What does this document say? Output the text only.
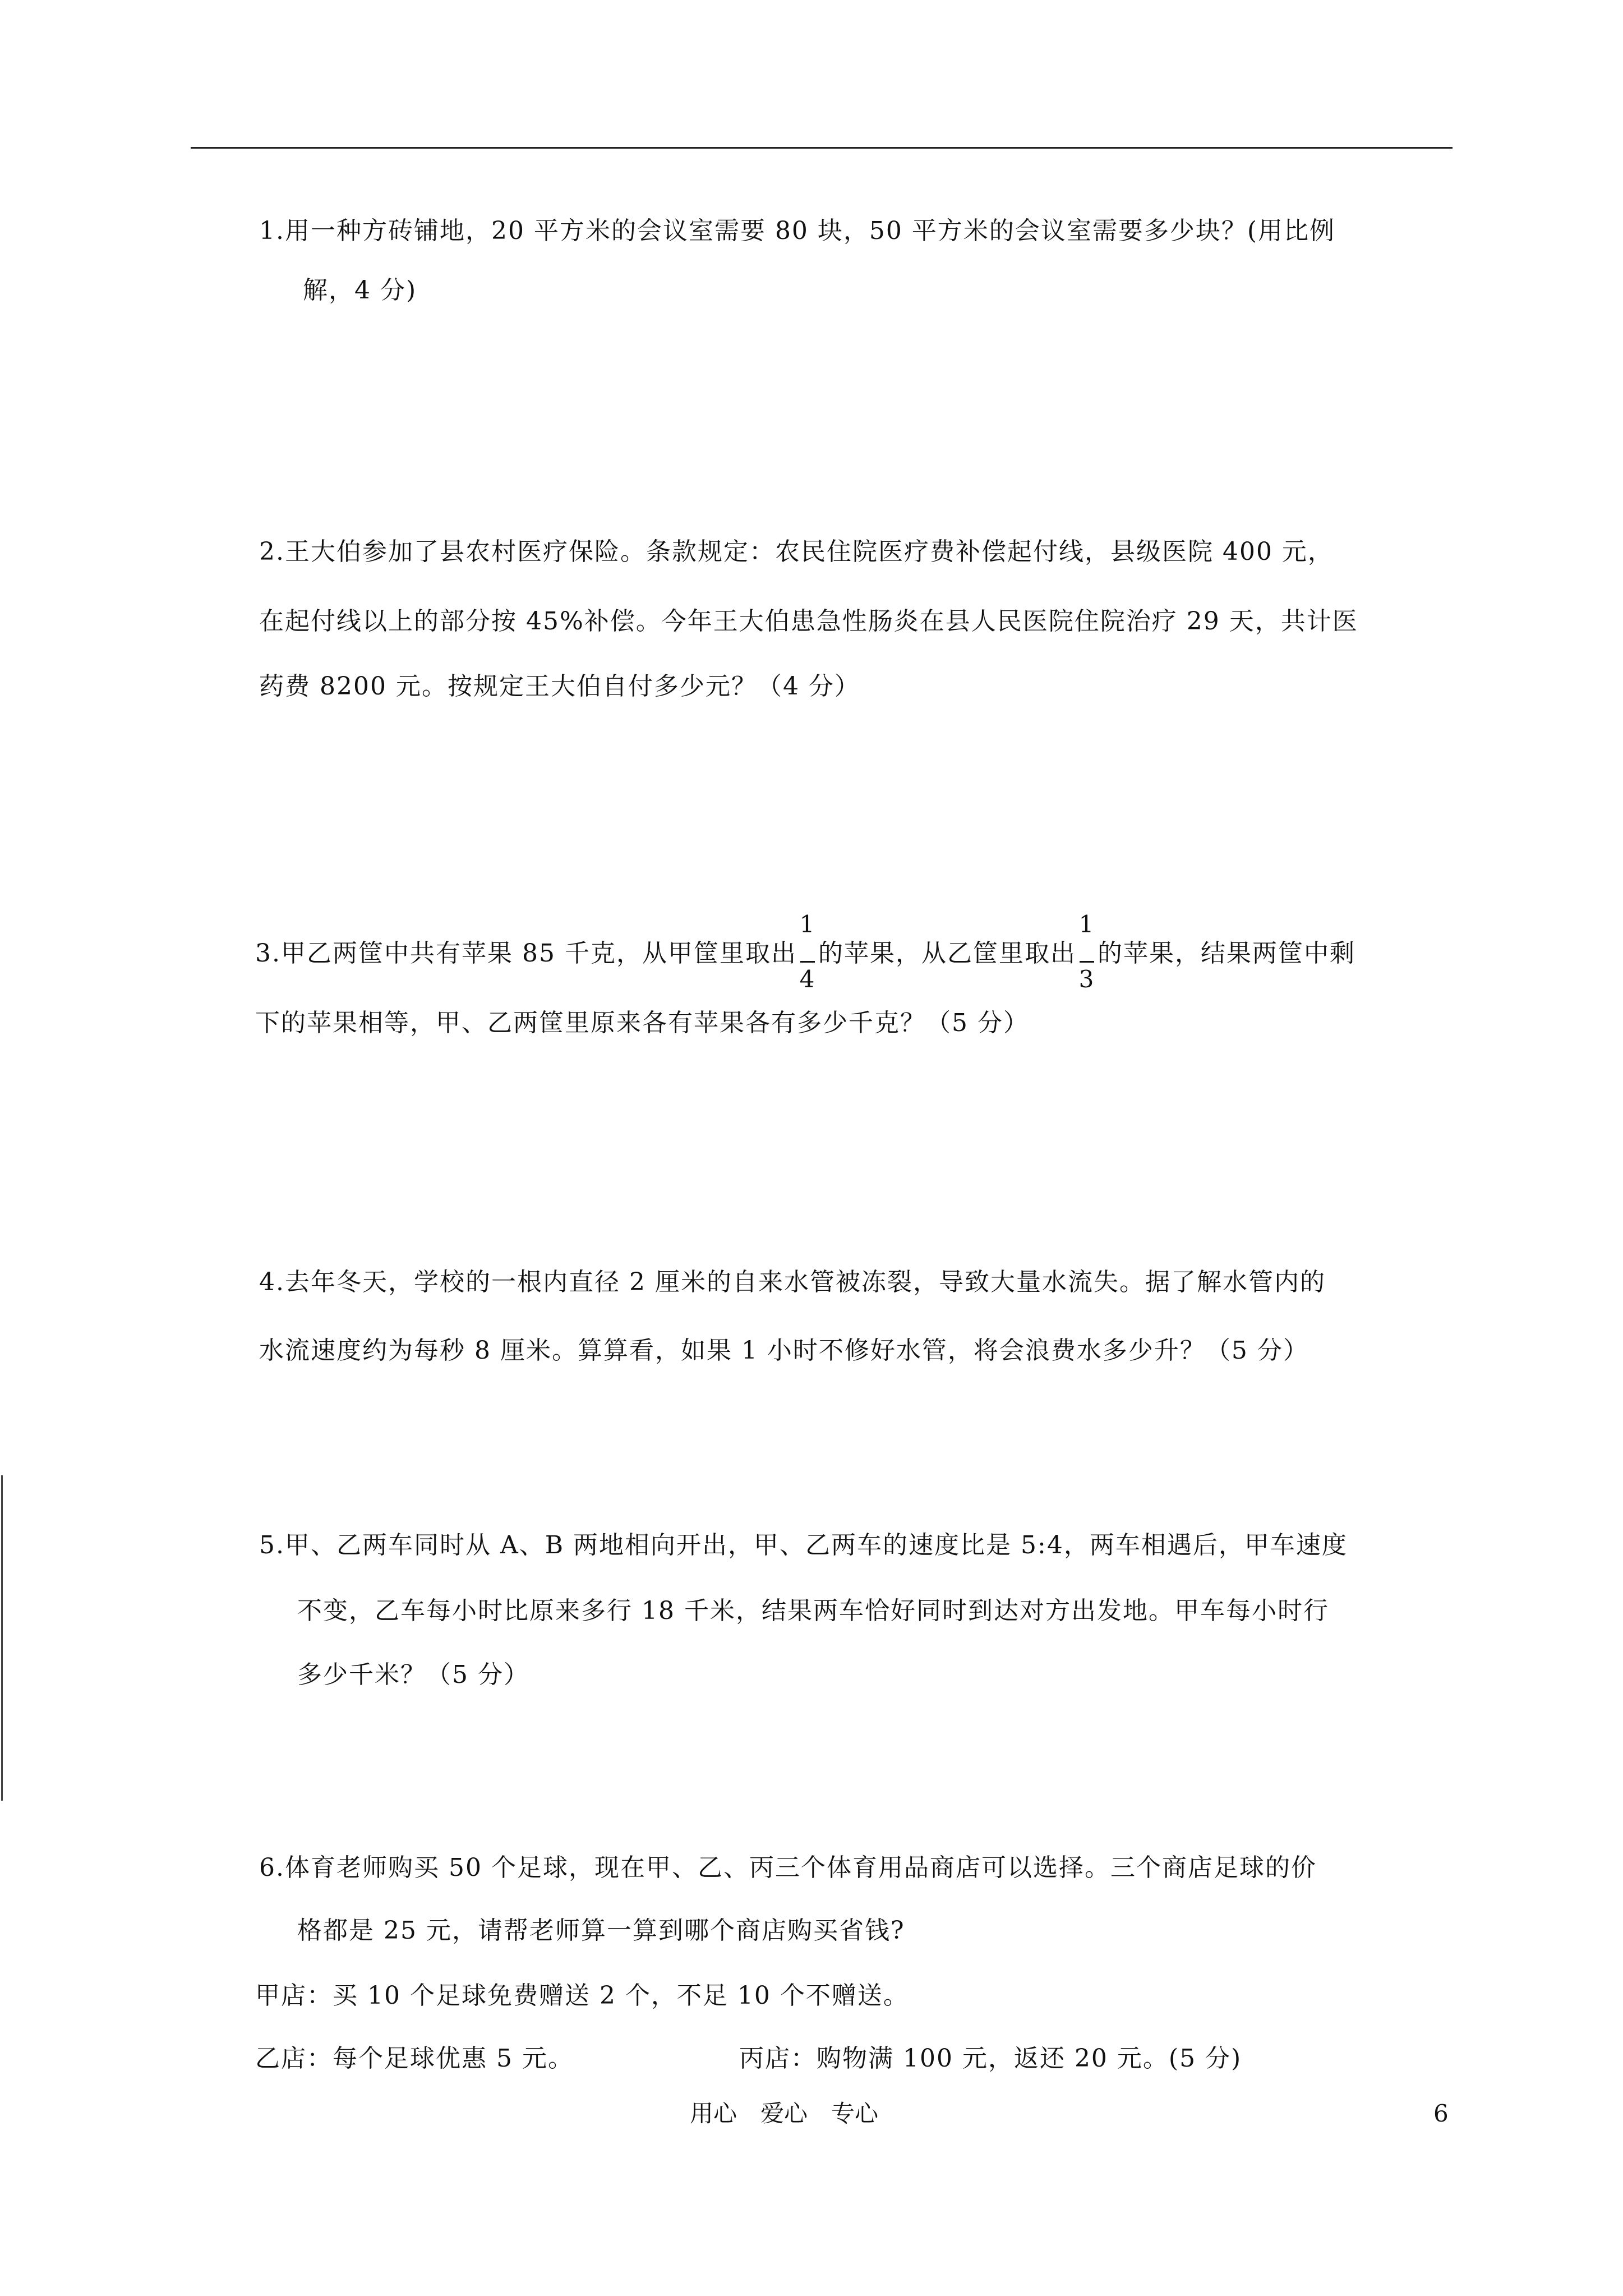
1.用一种方砖铺地，20 平方米的会议室需要 80 块，50 平方米的会议室需要多少块？(用比例
解，4 分)
2.王大伯参加了县农村医疗保险。条款规定：农民住院医疗费补偿起付线，县级医院 400 元，
在起付线以上的部分按 45%补偿。今年王大伯患急性肠炎在县人民医院住院治疗 29 天，共计医
药费 8200 元。按规定王大伯自付多少元？（4 分）
3.甲乙两筐中共有苹果 85 千克，从甲筐里取出 $\frac{1}{4}$ 的苹果，从乙筐里取出 $\frac{1}{3}$ 的苹果，结果两筐中剩
下的苹果相等，甲、乙两筐里原来各有苹果各有多少千克？（5 分）
4.去年冬天，学校的一根内直径 2 厘米的自来水管被冻裂，导致大量水流失。据了解水管内的
水流速度约为每秒 8 厘米。算算看，如果 1 小时不修好水管，将会浪费水多少升？（5 分）
5.甲、乙两车同时从 A、B 两地相向开出，甲、乙两车的速度比是 5:4，两车相遇后，甲车速度
不变，乙车每小时比原来多行 18 千米，结果两车恰好同时到达对方出发地。甲车每小时行
多少千米？（5 分）
6.体育老师购买 50 个足球，现在甲、乙、丙三个体育用品商店可以选择。三个商店足球的价
格都是 25 元，请帮老师算一算到哪个商店购买省钱?
甲店：买 10 个足球免费赠送 2 个，不足 10 个不赠送。
乙店：每个足球优惠 5 元。	丙店：购物满 100 元，返还 20 元。(5 分)
用心　爱心　专心	6
